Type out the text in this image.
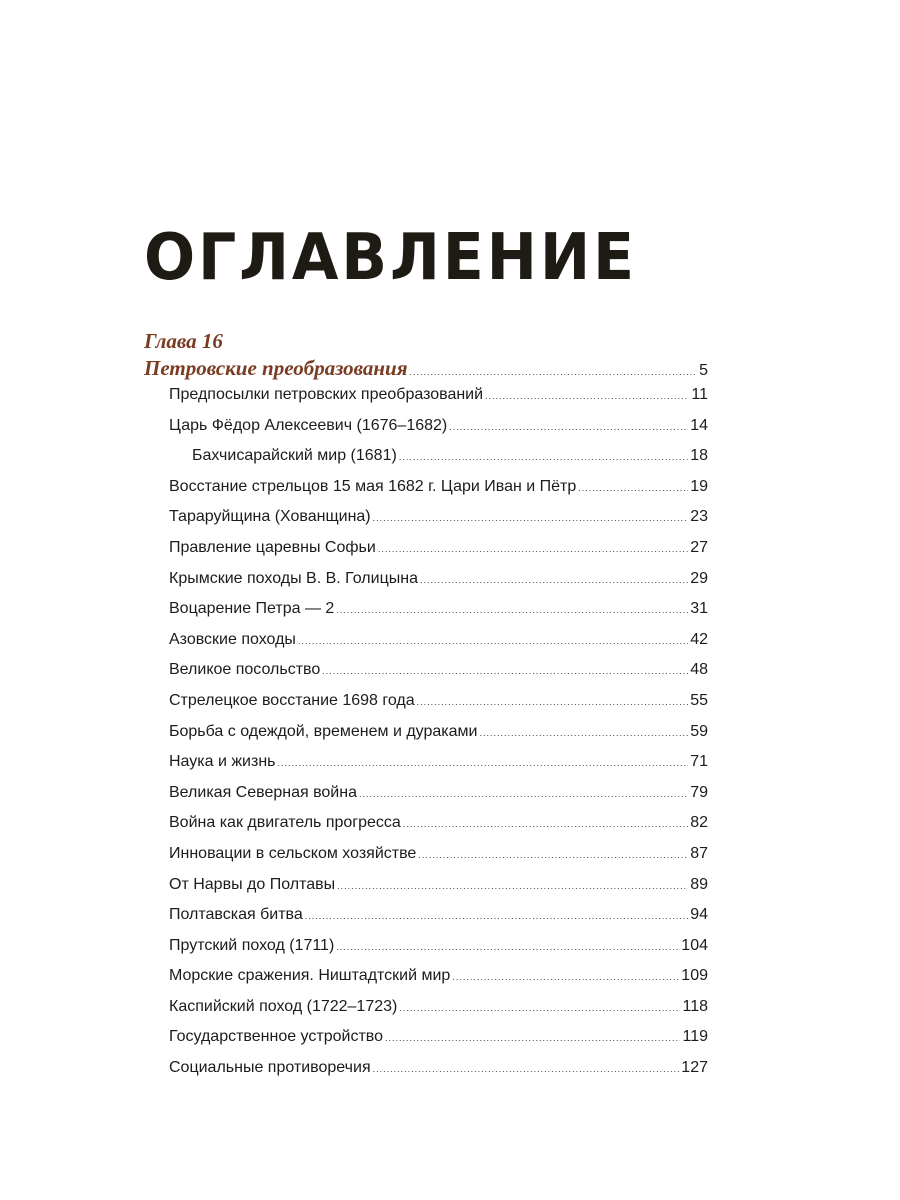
ОГЛАВЛЕНИЕ
Глава 16
Петровские преобразования .....	5
Предпосылки петровских преобразований .....	11
Царь Фёдор Алексеевич (1676–1682) .....	14
Бахчисарайский мир (1681) .....	18
Восстание стрельцов 15 мая 1682 г. Цари Иван и Пётр .....	19
Тараруйщина (Хованщина) .....	23
Правление царевны Софьи .....	27
Крымские походы В. В. Голицына .....	29
Воцарение Петра — 2 .....	31
Азовские походы .....	42
Великое посольство .....	48
Стрелецкое восстание 1698 года .....	55
Борьба с одеждой, временем и дураками .....	59
Наука и жизнь .....	71
Великая Северная война .....	79
Война как двигатель прогресса .....	82
Инновации в сельском хозяйстве .....	87
От Нарвы до Полтавы .....	89
Полтавская битва .....	94
Прутский поход (1711) .....	104
Морские сражения. Ништадтский мир .....	109
Каспийский поход (1722–1723) .....	118
Государственное устройство .....	119
Социальные противоречия .....	127
